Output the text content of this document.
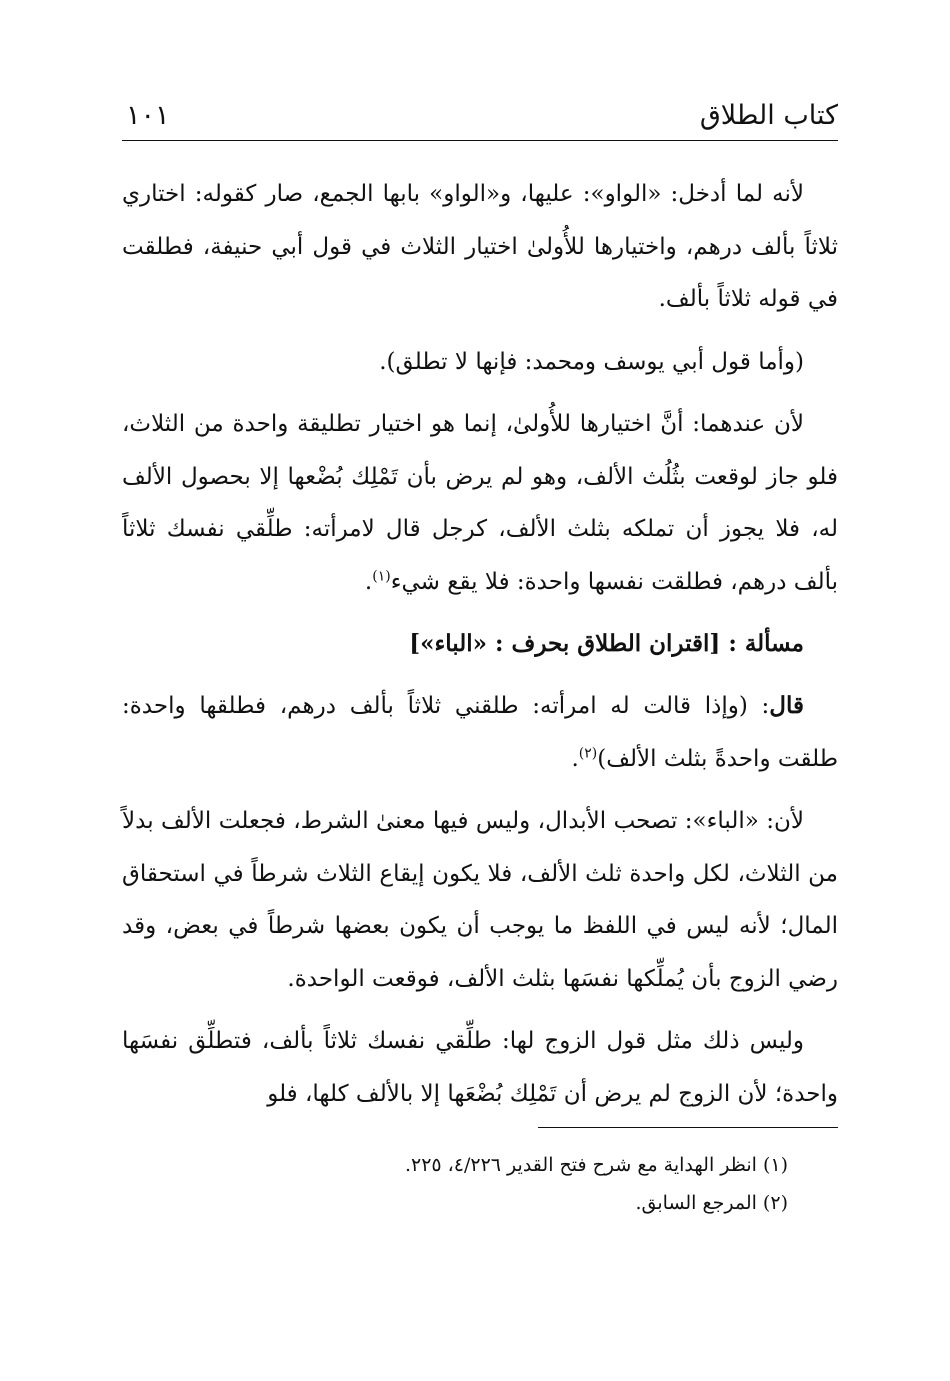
كتاب الطلاق
١٠١

لأنه لما أدخل: «الواو»: عليها، و«الواو» بابها الجمع، صار كقوله: اختاري ثلاثاً بألف درهم، واختيارها للأُولىٰ اختيار الثلاث في قول أبي حنيفة، فطلقت في قوله ثلاثاً بألف.

(وأما قول أبي يوسف ومحمد: فإنها لا تطلق).

لأن عندهما: أنَّ اختيارها للأُولىٰ، إنما هو اختيار تطليقة واحدة من الثلاث، فلو جاز لوقعت بثُلُث الألف، وهو لم يرض بأن تَمْلِك بُضْعها إلا بحصول الألف له، فلا يجوز أن تملكه بثلث الألف، كرجل قال لامرأته: طلِّقي نفسك ثلاثاً بألف درهم، فطلقت نفسها واحدة: فلا يقع شيء$^{(١)}$.

مسألة : [اقتران الطلاق بحرف : «الباء»]

قال: (وإذا قالت له امرأته: طلقني ثلاثاً بألف درهم، فطلقها واحدة: طلقت واحدةً بثلث الألف)$^{(٢)}$.

لأن: «الباء»: تصحب الأبدال، وليس فيها معنىٰ الشرط، فجعلت الألف بدلاً من الثلاث، لكل واحدة ثلث الألف، فلا يكون إيقاع الثلاث شرطاً في استحقاق المال؛ لأنه ليس في اللفظ ما يوجب أن يكون بعضها شرطاً في بعض، وقد رضي الزوج بأن يُملِّكها نفسَها بثلث الألف، فوقعت الواحدة.

وليس ذلك مثل قول الزوج لها: طلِّقي نفسك ثلاثاً بألف، فتطلِّق نفسَها واحدة؛ لأن الزوج لم يرض أن تَمْلِك بُضْعَها إلا بالألف كلها، فلو

(١) انظر الهداية مع شرح فتح القدير ٤/٢٢٦، ٢٢٥.

(٢) المرجع السابق.
